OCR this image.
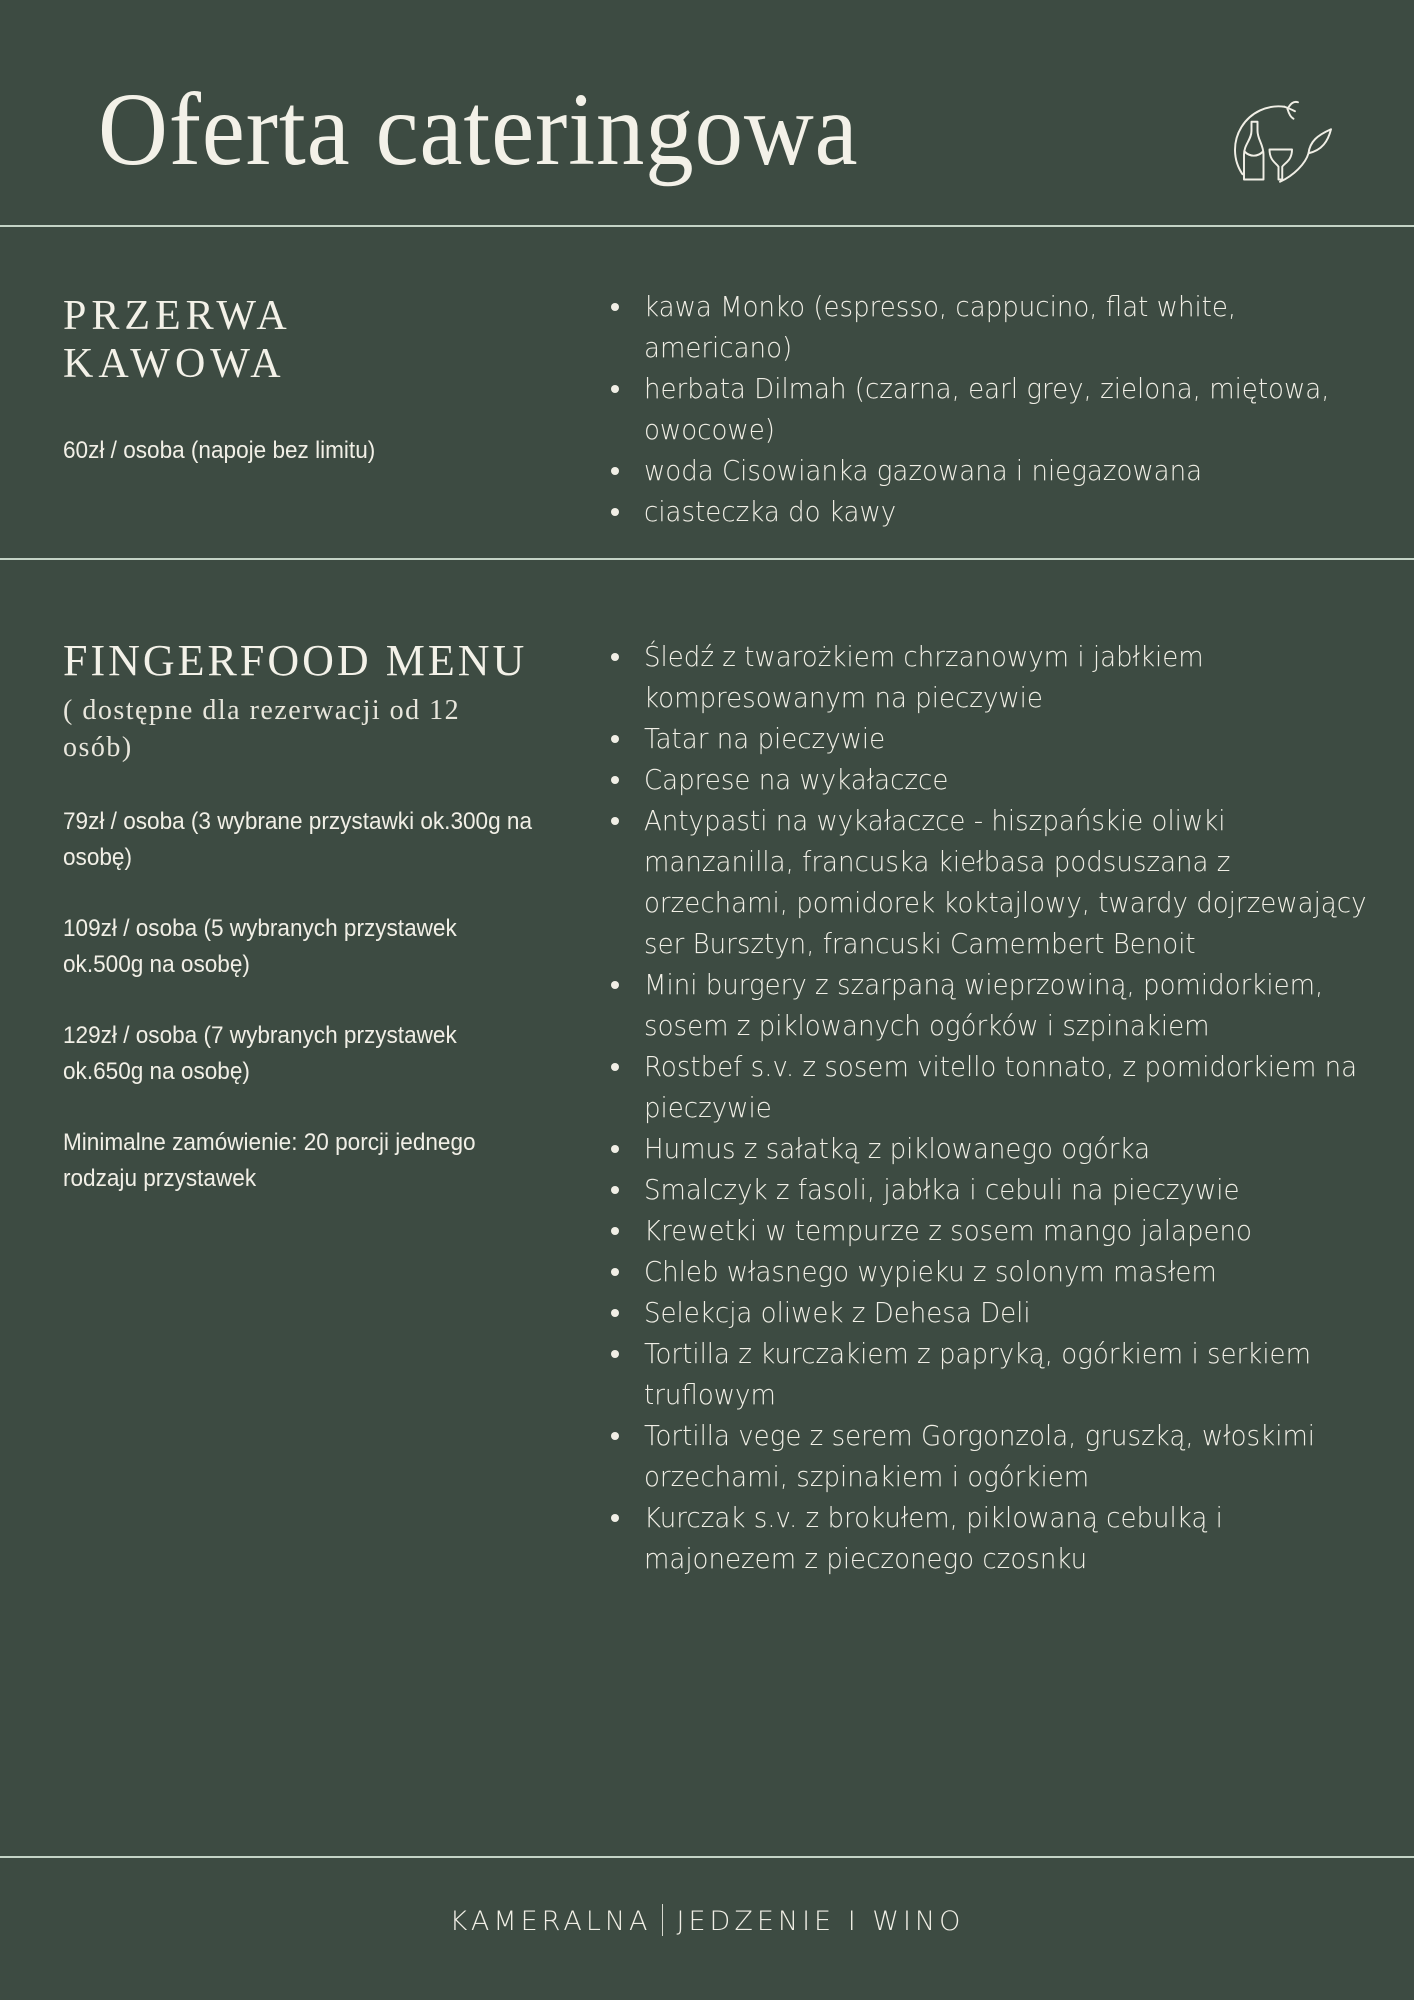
Oferta cateringowa
PRZERWA KAWOWA
60zł / osoba (napoje bez limitu)
kawa Monko (espresso, cappucino, flat white, americano)
herbata Dilmah (czarna, earl grey, zielona, miętowa, owocowe)
woda Cisowianka gazowana i niegazowana
ciasteczka do kawy
FINGERFOOD MENU
( dostępne dla rezerwacji od 12 osób)
79zł / osoba (3 wybrane przystawki ok.300g na osobę)
109zł / osoba (5 wybranych przystawek ok.500g na osobę)
129zł / osoba (7 wybranych przystawek ok.650g na osobę)
Minimalne zamówienie: 20 porcji jednego rodzaju przystawek
Śledź z twarożkiem chrzanowym i jabłkiem kompresowanym na pieczywie
Tatar na pieczywie
Caprese na wykałaczce
Antypasti na wykałaczce - hiszpańskie oliwki manzanilla, francuska kiełbasa podsuszana z orzechami, pomidorek koktajlowy, twardy dojrzewający ser Bursztyn, francuski Camembert Benoit
Mini burgery z szarpaną wieprzowiną, pomidorkiem, sosem z piklowanych ogórków i szpinakiem
Rostbef s.v. z sosem vitello tonnato, z pomidorkiem na pieczywie
Humus z sałatką z piklowanego ogórka
Smalczyk z fasoli, jabłka i cebuli na pieczywie
Krewetki w tempurze z sosem mango jalapeno
Chleb własnego wypieku z solonym masłem
Selekcja oliwek z Dehesa Deli
Tortilla z kurczakiem z papryką, ogórkiem i serkiem truflowym
Tortilla vege z serem Gorgonzola, gruszką, włoskimi orzechami, szpinakiem i ogórkiem
Kurczak s.v. z brokułem, piklowaną cebulką i majonezem z pieczonego czosnku
KAMERALNA JEDZENIE I WINO
